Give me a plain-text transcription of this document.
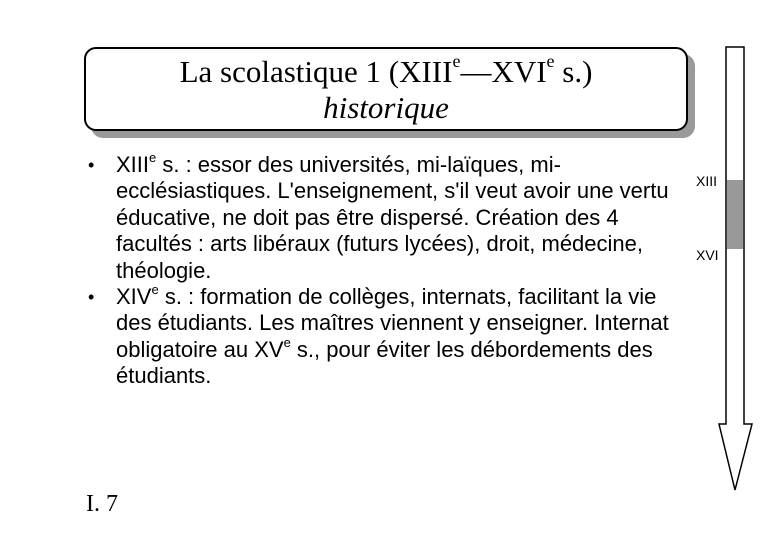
La scolastique 1 (XIIIe—XVIe s.)
historique
• XIIIe s. : essor des universités, mi-laïques, mi-ecclésiastiques. L'enseignement, s'il veut avoir une vertu éducative, ne doit pas être dispersé. Création des 4 facultés : arts libéraux (futurs lycées), droit, médecine, théologie.
• XIVe s. : formation de collèges, internats, facilitant la vie des étudiants. Les maîtres viennent y enseigner. Internat obligatoire au XVe s., pour éviter les débordements des étudiants.
XIII
XVI
I. 7
